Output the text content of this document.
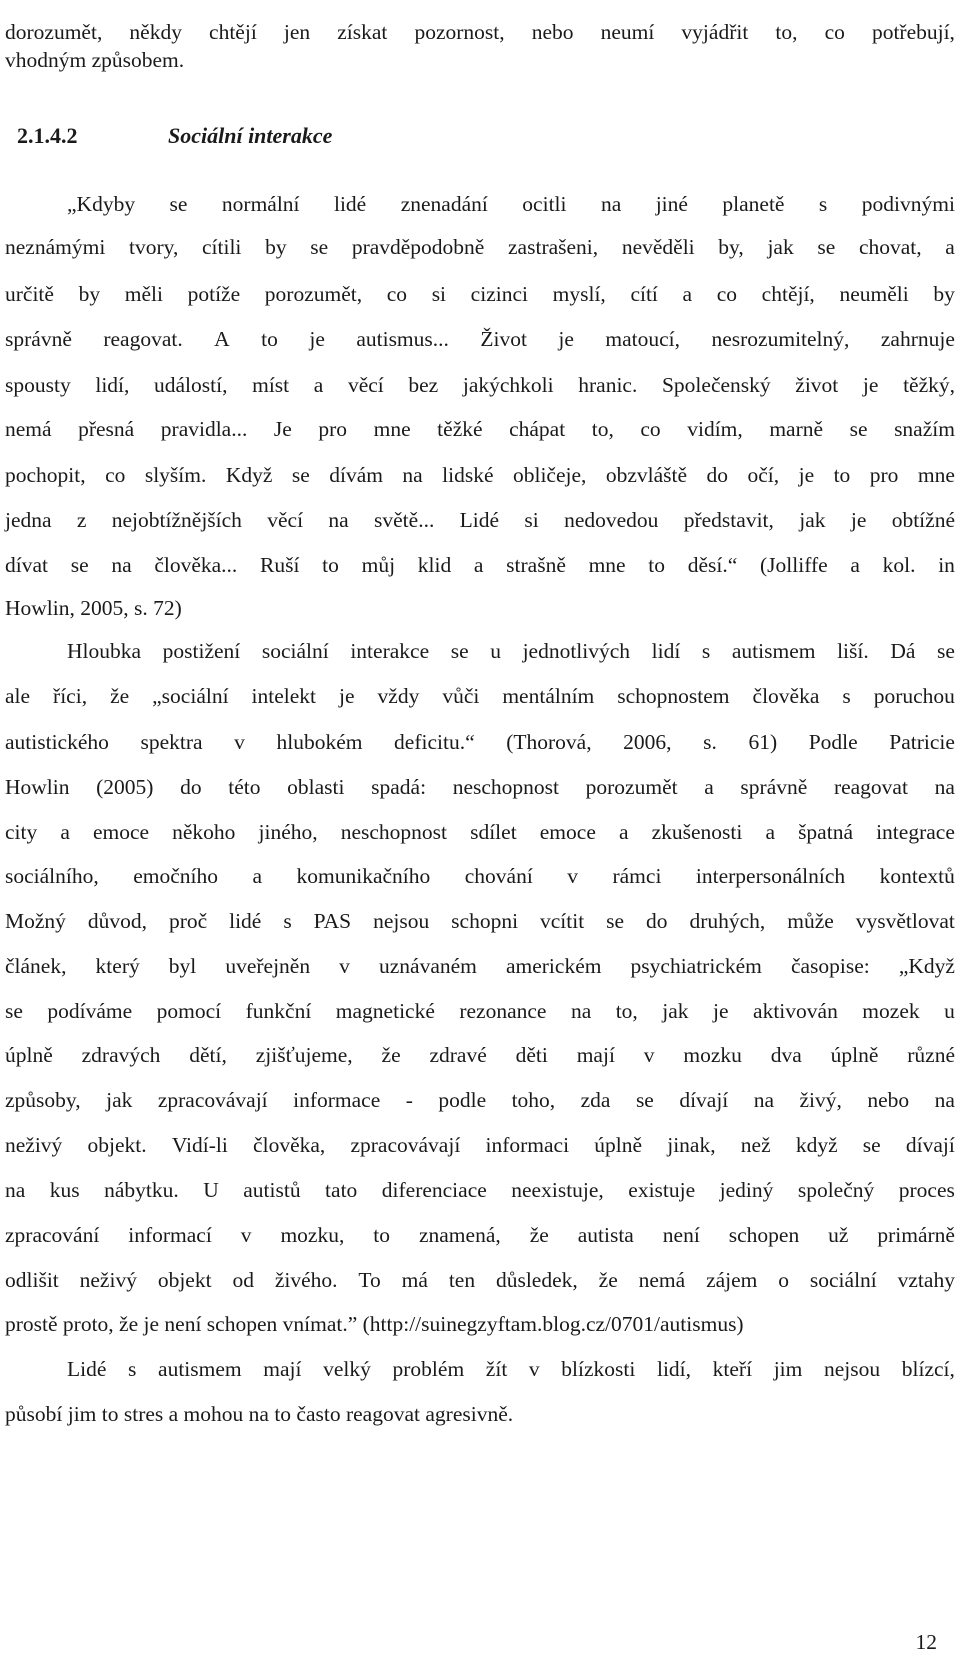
2.1.4.2	Sociální interakce
dorozumět, někdy chtějí jen získat pozornost, nebo neumí vyjádřit to, co potřebují,
vhodným způsobem.
„Kdyby se normální lidé znenadání ocitli na jiné planetě s podivnými
neznámými tvory, cítili by se pravděpodobně zastrašeni, nevěděli by, jak se chovat, a
určitě by měli potíže porozumět, co si cizinci myslí, cítí a co chtějí, neuměli by
správně reagovat. A to je autismus... Život je matoucí, nesrozumitelný, zahrnuje
spousty lidí, událostí, míst a věcí bez jakýchkoli hranic. Společenský život je těžký,
nemá přesná pravidla... Je pro mne těžké chápat to, co vidím, marně se snažím
pochopit, co slyším. Když se dívám na lidské obličeje, obzvláště do očí, je to pro mne
jedna z nejobtížnějších věcí na světě... Lidé si nedovedou představit, jak je obtížné
dívat se na člověka... Ruší to můj klid a strašně mne to děsí.“ (Jolliffe a kol. in
Howlin, 2005, s. 72)
Hloubka postižení sociální interakce se u jednotlivých lidí s autismem liší. Dá se
ale říci, že „sociální intelekt je vždy vůči mentálním schopnostem člověka s poruchou
autistického spektra v hlubokém deficitu.“ (Thorová, 2006, s. 61) Podle Patricie
Howlin (2005) do této oblasti spadá: neschopnost porozumět a správně reagovat na
city a emoce někoho jiného, neschopnost sdílet emoce a zkušenosti a špatná integrace
sociálního, emočního a komunikačního chování v rámci interpersonálních kontextů
Možný důvod, proč lidé s PAS nejsou schopni vcítit se do druhých, může vysvětlovat
článek, který byl uveřejněn v uznávaném americkém psychiatrickém časopise: „Když
se podíváme pomocí funkční magnetické rezonance na to, jak je aktivován mozek u
úplně zdravých dětí, zjišťujeme, že zdravé děti mají v mozku dva úplně různé
způsoby, jak zpracovávají informace - podle toho, zda se dívají na živý, nebo na
neživý objekt. Vidí-li člověka, zpracovávají informaci úplně jinak, než když se dívají
na kus nábytku. U autistů tato diferenciace neexistuje, existuje jediný společný proces
zpracování informací v mozku, to znamená, že autista není schopen už primárně
odlišit neživý objekt od živého. To má ten důsledek, že nemá zájem o sociální vztahy
prostě proto, že je není schopen vnímat.” (http://suinegzyftam.blog.cz/0701/autismus)
Lidé s autismem mají velký problém žít v blízkosti lidí, kteří jim nejsou blízcí,
působí jim to stres a mohou na to často reagovat agresivně.
12
